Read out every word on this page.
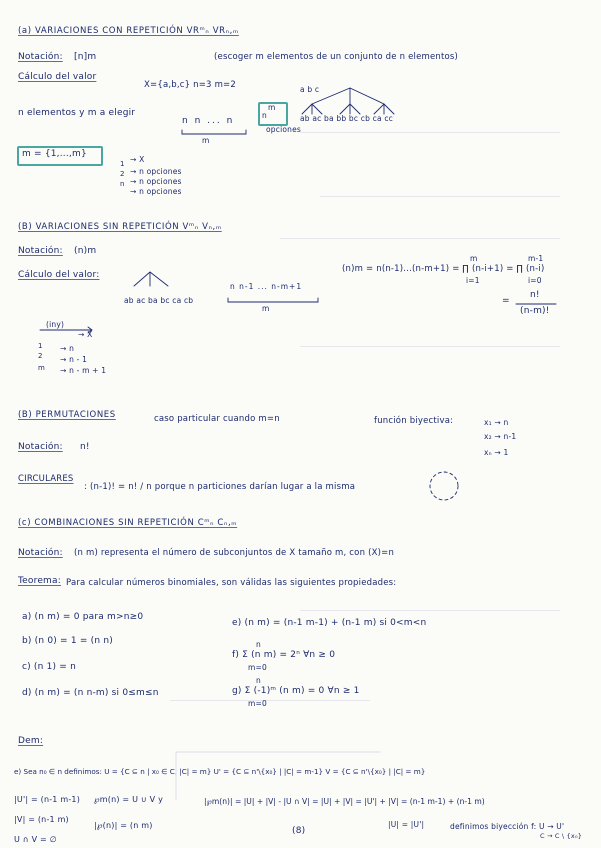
(a) VARIACIONES CON REPETICIÓN VRᵐₙ VRₙ,ₘ
Notación: [n]m	(escoger m elementos de un conjunto de n elementos)
Cálculo del valor
X={a,b,c} n=3 m=2	a b c
ab ac ba bb bc cb ca cc
n elementos y m a elegir
n n ... n
m
m
n
opciones
m = {1,...,m}
→ X
→ n opciones
→ n opciones
→ n opciones
(B) VARIACIONES SIN REPETICIÓN Vᵐₙ Vₙ,ₘ
Notación: (n)m
Cálculo del valor:
ab ac ba bc ca cb
n n-1 ... n-m+1
m
(n)m = n(n-1)...(n-m+1) = ∏ (n-i+1) = ∏ (n-i)
m
i=1
m-1
i=0
=
n!
(n-m)!
(iny)
→ X
→ n
→ n - 1
→ n - m + 1
(B) PERMUTACIONES	caso particular cuando m=n	función biyectiva:	x₁ → n
x₂ → n-1
xₙ → 1
Notación: n!
CIRCULARES
: (n-1)! = n! / n porque n particiones darían lugar a la misma
(c) COMBINACIONES SIN REPETICIÓN Cᵐₙ Cₙ,ₘ
Notación: (n m) representa el número de subconjuntos de X tamaño m, con (X)=n
Teorema: Para calcular números binomiales, son válidas las siguientes propiedades:
a) (n m) = 0 para m>n≥0
b) (n 0) = 1 = (n n)
c) (n 1) = n
d) (n m) = (n n-m) si 0≤m≤n
e) (n m) = (n-1 m-1) + (n-1 m) si 0<m<n
n
f) Σ (n m) = 2ⁿ ∀n ≥ 0
m=0
n
g) Σ (-1)ᵐ (n m) = 0 ∀n ≥ 1
m=0
Dem:
e) Sea n₀ ∈ n definimos: U = {C ⊆ n | x₀ ∈ C, |C| = m} U' = {C ⊆ n'\{x₀} | |C| = m-1} V = {C ⊆ n'\{x₀} | |C| = m}
|U'| = (n-1 m-1) ℘m(n) = U ∪ V y	|℘m(n)| = |U| + |V| - |U ∩ V| = |U| + |V| = |U'| + |V| = (n-1 m-1) + (n-1 m)
|V| = (n-1 m)
|℘(n)| = (n m)	|U| = |U'|	definimos biyección f: U → U'
C → C \ {x₀}
U ∩ V = ∅
(8)
1
2
n
1
2
m
